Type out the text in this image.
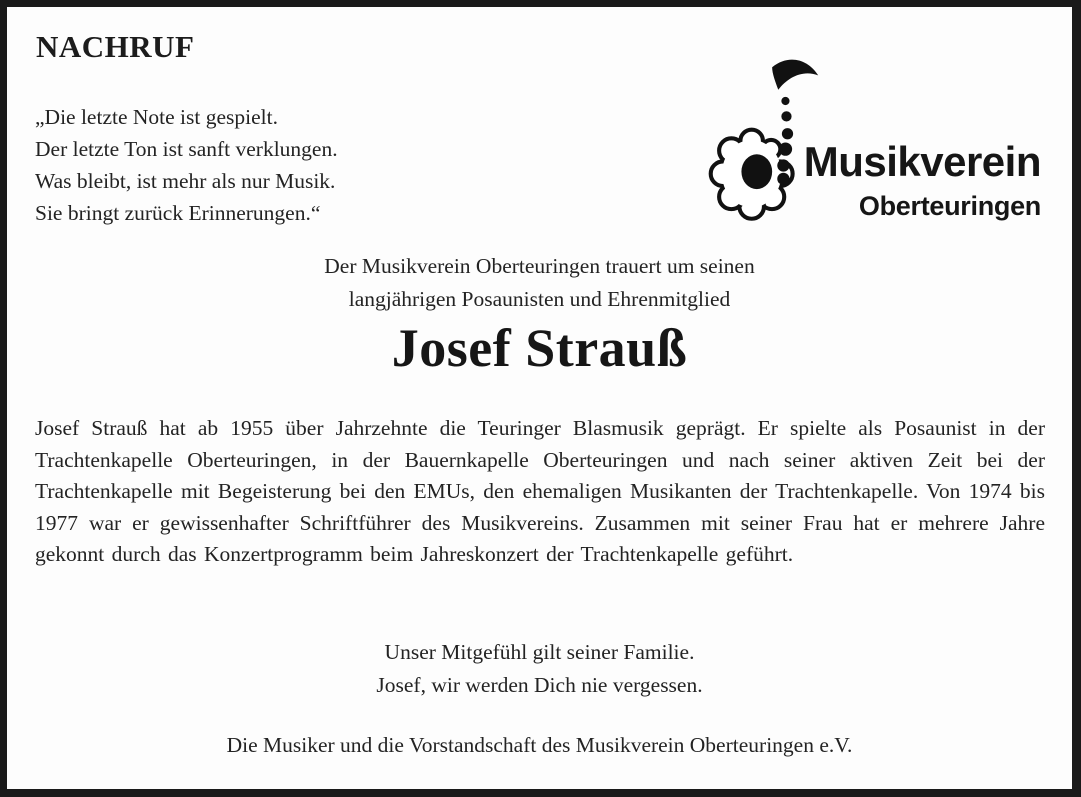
NACHRUF
„Die letzte Note ist gespielt.
Der letzte Ton ist sanft verklungen.
Was bleibt, ist mehr als nur Musik.
Sie bringt zurück Erinnerungen.“
Musikverein
Oberteuringen

Der Musikverein Oberteuringen trauert um seinen
langjährigen Posaunisten und Ehrenmitglied

Josef Strauß

Josef Strauß hat ab 1955 über Jahrzehnte die Teuringer Blasmusik geprägt. Er spielte als Posaunist in der Trachtenkapelle Oberteuringen, in der Bauernkapelle Oberteuringen und nach seiner aktiven Zeit bei der Trachtenkapelle mit Begeisterung bei den EMUs, den ehemaligen Musikanten der Trachtenkapelle. Von 1974 bis 1977 war er gewissenhafter Schriftführer des Musikvereins. Zusammen mit seiner Frau hat er mehrere Jahre gekonnt durch das Konzertprogramm beim Jahreskonzert der Trachtenkapelle geführt.

Unser Mitgefühl gilt seiner Familie.
Josef, wir werden Dich nie vergessen.
Die Musiker und die Vorstandschaft des Musikverein Oberteuringen e.V.
